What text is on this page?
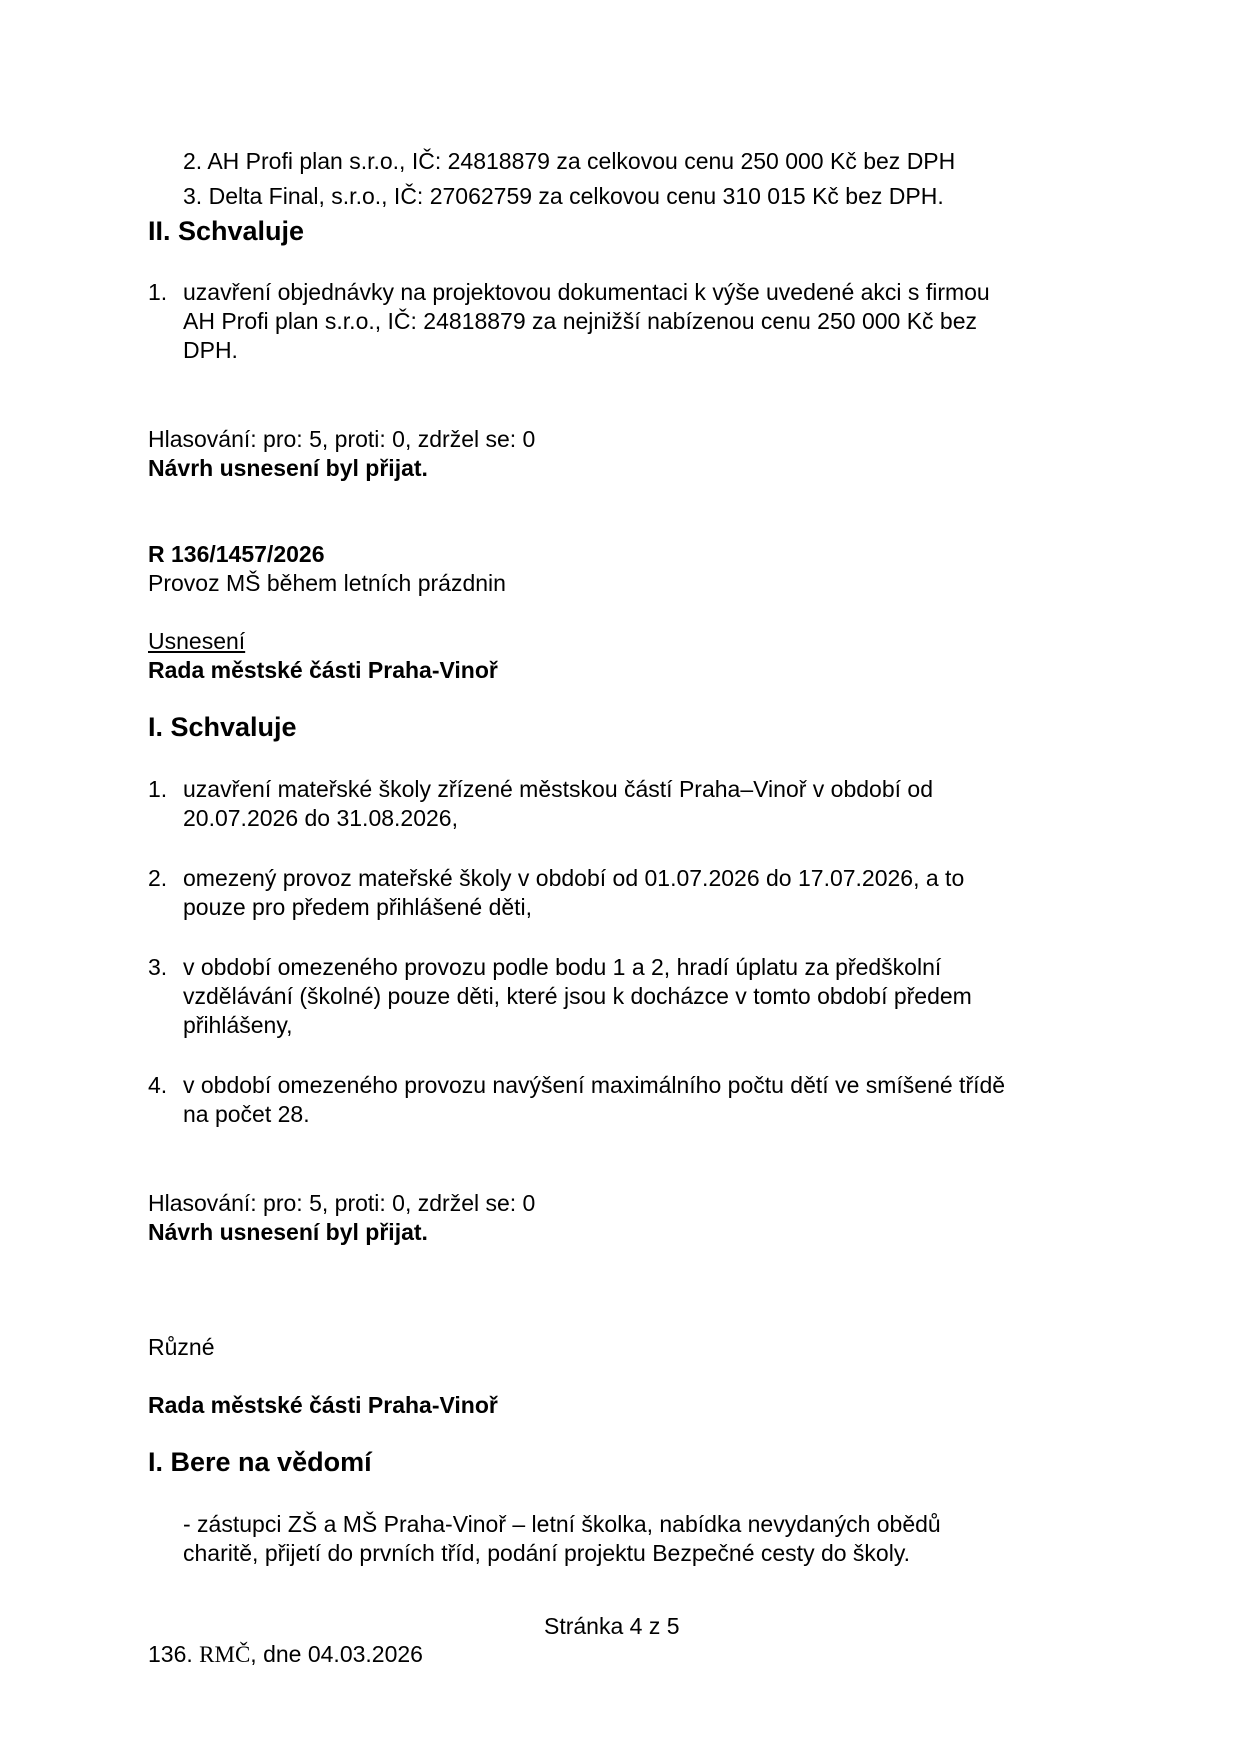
2. AH Profi plan s.r.o., IČ: 24818879 za celkovou cenu 250 000 Kč bez DPH
3. Delta Final, s.r.o., IČ: 27062759 za celkovou cenu 310 015 Kč bez DPH.
II. Schvaluje
1. uzavření objednávky na projektovou dokumentaci k výše uvedené akci s firmou
AH Profi plan s.r.o., IČ: 24818879 za nejnižší nabízenou cenu 250 000 Kč bez
DPH.
Hlasování: pro: 5, proti: 0, zdržel se: 0
Návrh usnesení byl přijat.
R 136/1457/2026
Provoz MŠ během letních prázdnin
Usnesení
Rada městské části Praha-Vinoř
I. Schvaluje
1. uzavření mateřské školy zřízené městskou částí Praha–Vinoř v období od
20.07.2026 do 31.08.2026,
2. omezený provoz mateřské školy v období od 01.07.2026 do 17.07.2026, a to
pouze pro předem přihlášené děti,
3. v období omezeného provozu podle bodu 1 a 2, hradí úplatu za předškolní
vzdělávání (školné) pouze děti, které jsou k docházce v tomto období předem
přihlášeny,
4. v období omezeného provozu navýšení maximálního počtu dětí ve smíšené třídě
na počet 28.
Hlasování: pro: 5, proti: 0, zdržel se: 0
Návrh usnesení byl přijat.
Různé
Rada městské části Praha-Vinoř
I. Bere na vědomí
- zástupci ZŠ a MŠ Praha-Vinoř – letní školka, nabídka nevydaných obědů
charitě, přijetí do prvních tříd, podání projektu Bezpečné cesty do školy.
Stránka 4 z 5
136. RMČ, dne 04.03.2026
